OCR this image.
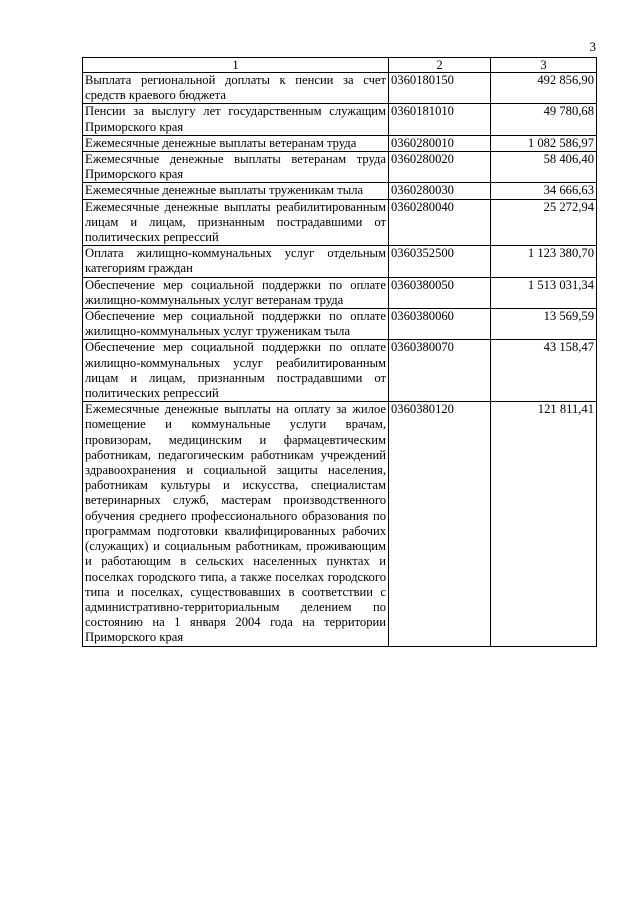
3
1	2	3
Выплата региональной доплаты к пенсии за счет средств краевого бюджета	0360180150	492 856,90
Пенсии за выслугу лет государственным служащим Приморского края	0360181010	49 780,68
Ежемесячные денежные выплаты ветеранам труда	0360280010	1 082 586,97
Ежемесячные денежные выплаты ветеранам труда Приморского края	0360280020	58 406,40
Ежемесячные денежные выплаты труженикам тыла	0360280030	34 666,63
Ежемесячные денежные выплаты реабилитированным лицам и лицам, признанным пострадавшими от политических репрессий	0360280040	25 272,94
Оплата жилищно-коммунальных услуг отдельным категориям граждан	0360352500	1 123 380,70
Обеспечение мер социальной поддержки по оплате жилищно-коммунальных услуг ветеранам труда	0360380050	1 513 031,34
Обеспечение мер социальной поддержки по оплате жилищно-коммунальных услуг труженикам тыла	0360380060	13 569,59
Обеспечение мер социальной поддержки по оплате жилищно-коммунальных услуг реабилитированным лицам и лицам, признанным пострадавшими от политических репрессий	0360380070	43 158,47
Ежемесячные денежные выплаты на оплату за жилое помещение и коммунальные услуги врачам, провизорам, медицинским и фармацевтическим работникам, педагогическим работникам учреждений здравоохранения и социальной защиты населения, работникам культуры и искусства, специалистам ветеринарных служб, мастерам производственного обучения среднего профессионального образования по программам подготовки квалифицированных рабочих (служащих) и социальным работникам, проживающим и работающим в сельских населенных пунктах и поселках городского типа, а также поселках городского типа и поселках, существовавших в соответствии с административно-территориальным делением по состоянию на 1 января 2004 года на территории Приморского края	0360380120	121 811,41
